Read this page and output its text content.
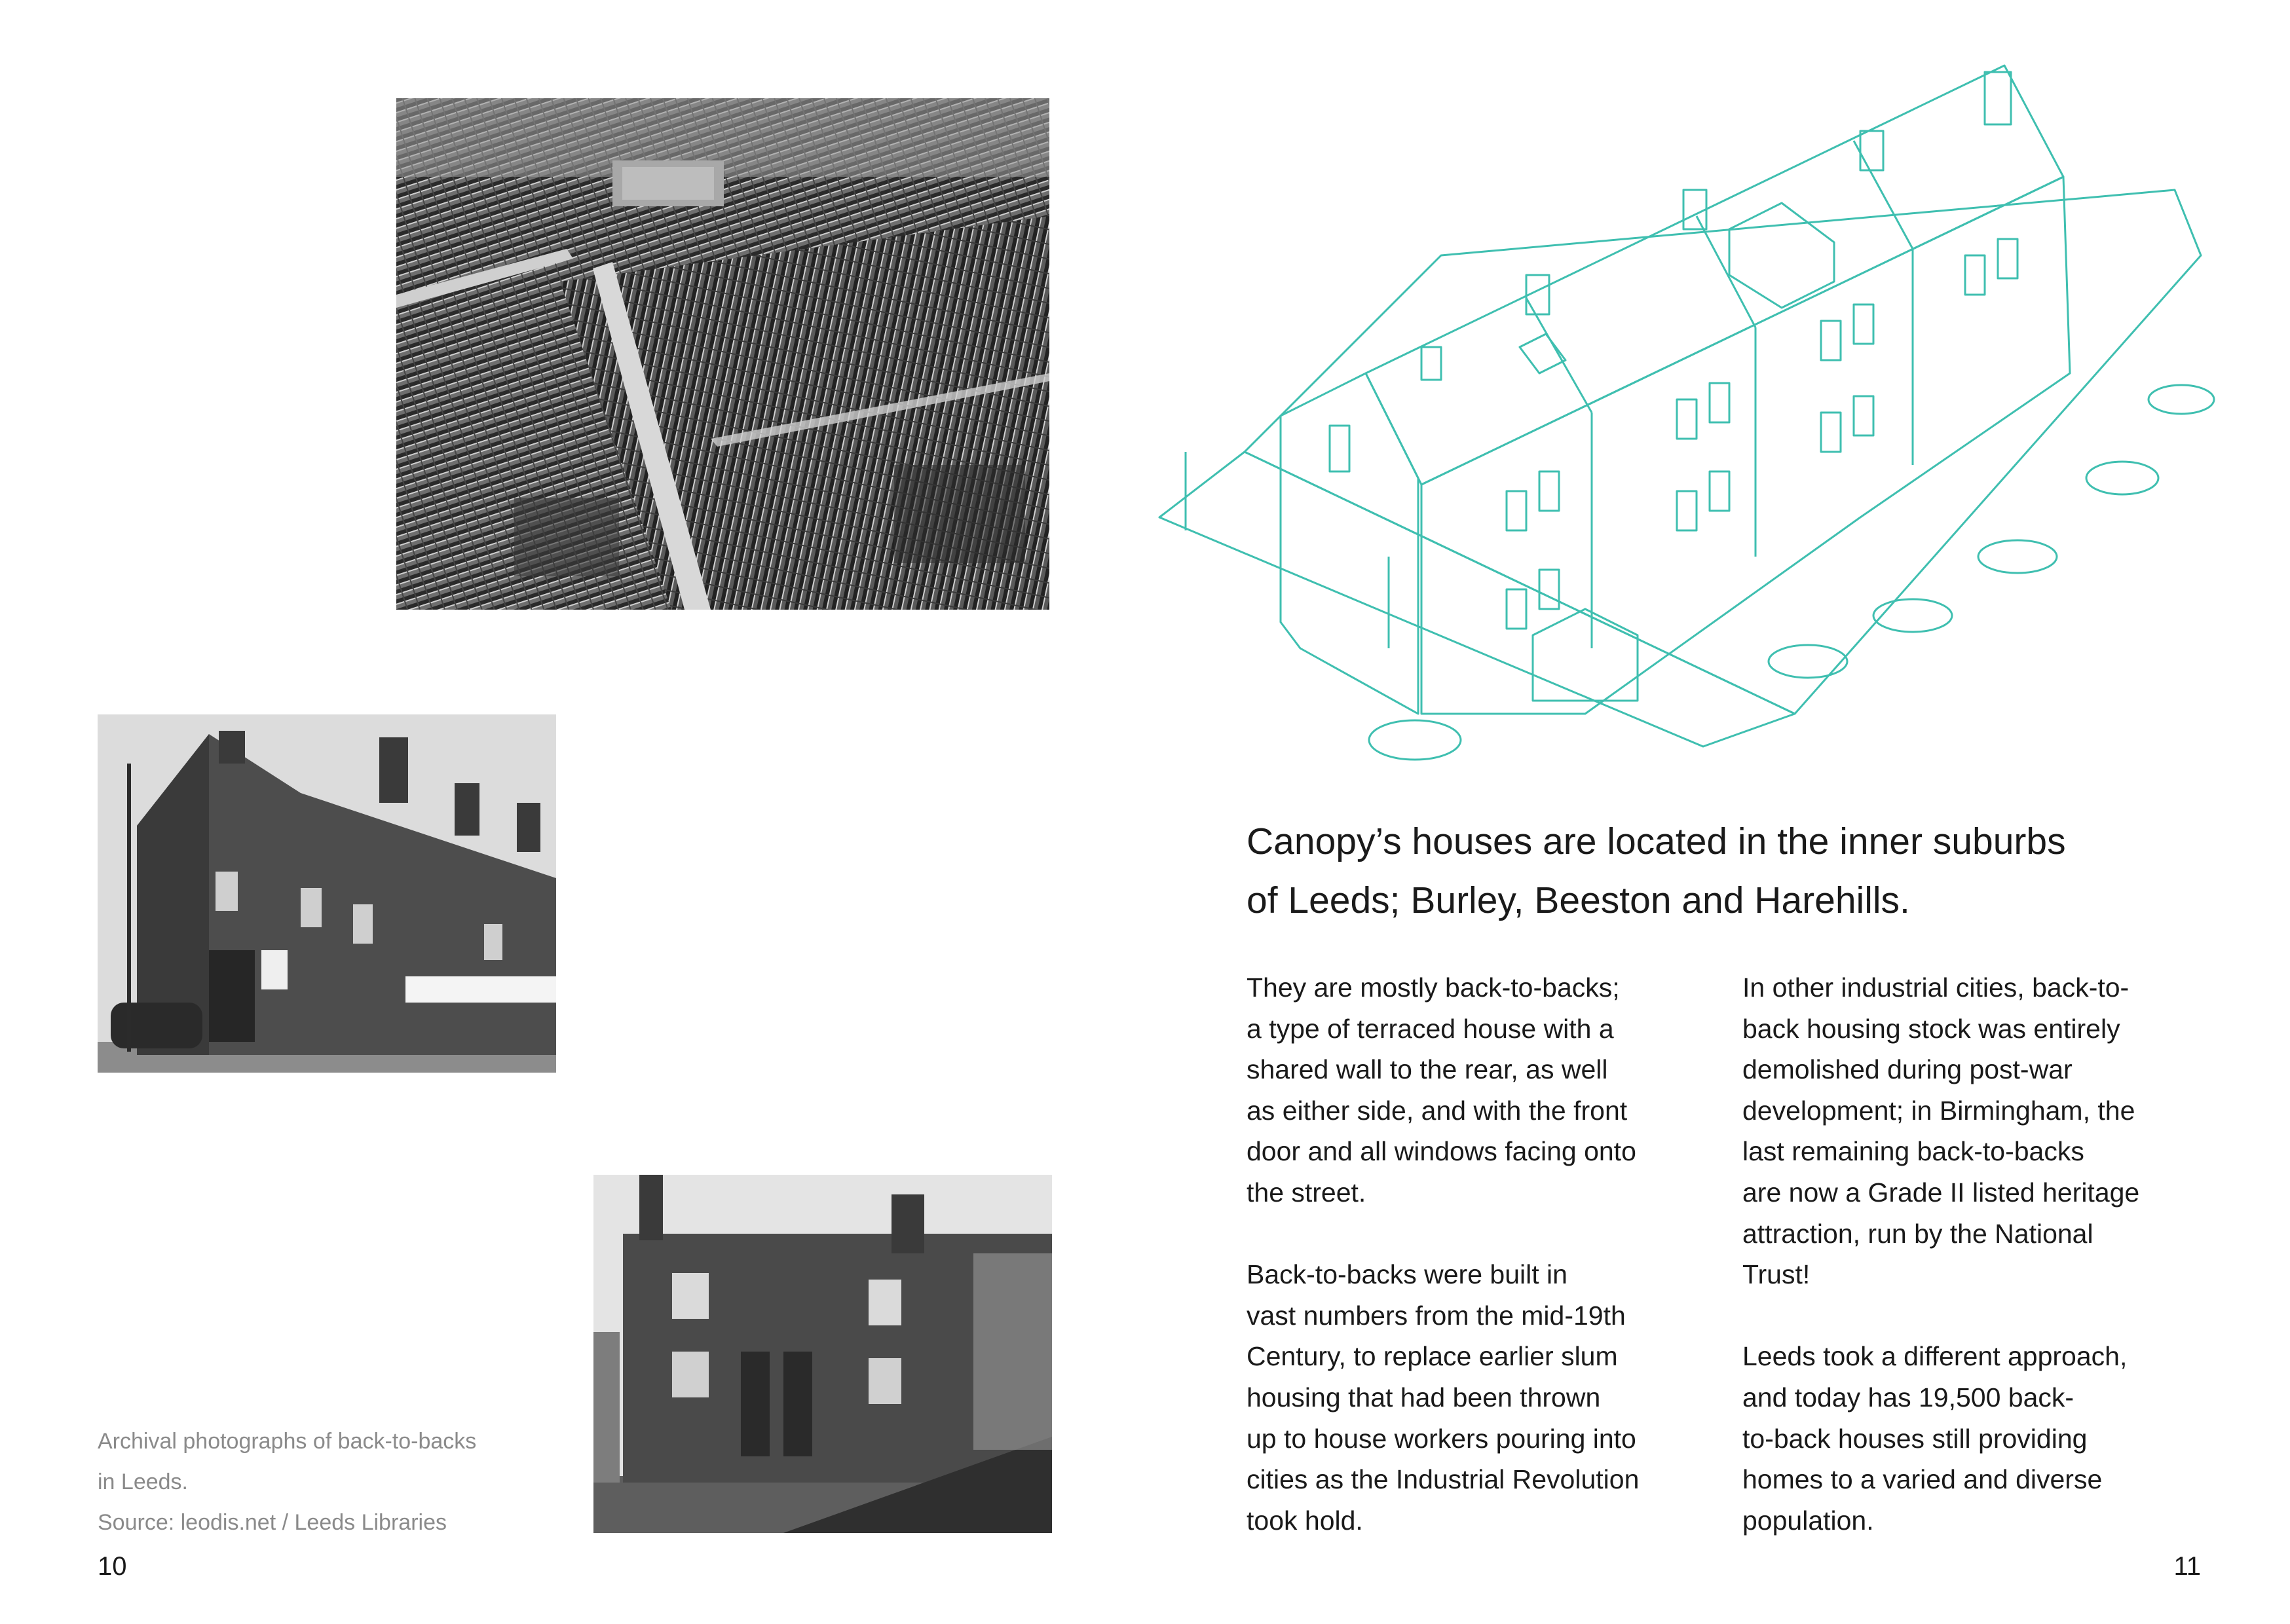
Archival photographs of back-to-backs
in Leeds.
Source: leodis.net / Leeds Libraries
Canopy’s houses are located in the inner suburbs
of Leeds; Burley, Beeston and Harehills.
They are mostly back-to-backs;
a type of terraced house with a
shared wall to the rear, as well
as either side, and with the front
door and all windows facing onto
the street.
Back-to-backs were built in
vast numbers from the mid-19th
Century, to replace earlier slum
housing that had been thrown
up to house workers pouring into
cities as the Industrial Revolution
took hold.
In other industrial cities, back-to-
back housing stock was entirely
demolished during post-war
development; in Birmingham, the
last remaining back-to-backs
are now a Grade II listed heritage
attraction, run by the National
Trust!
Leeds took a different approach,
and today has 19,500 back-
to-back houses still providing
homes to a varied and diverse
population.
10	11
